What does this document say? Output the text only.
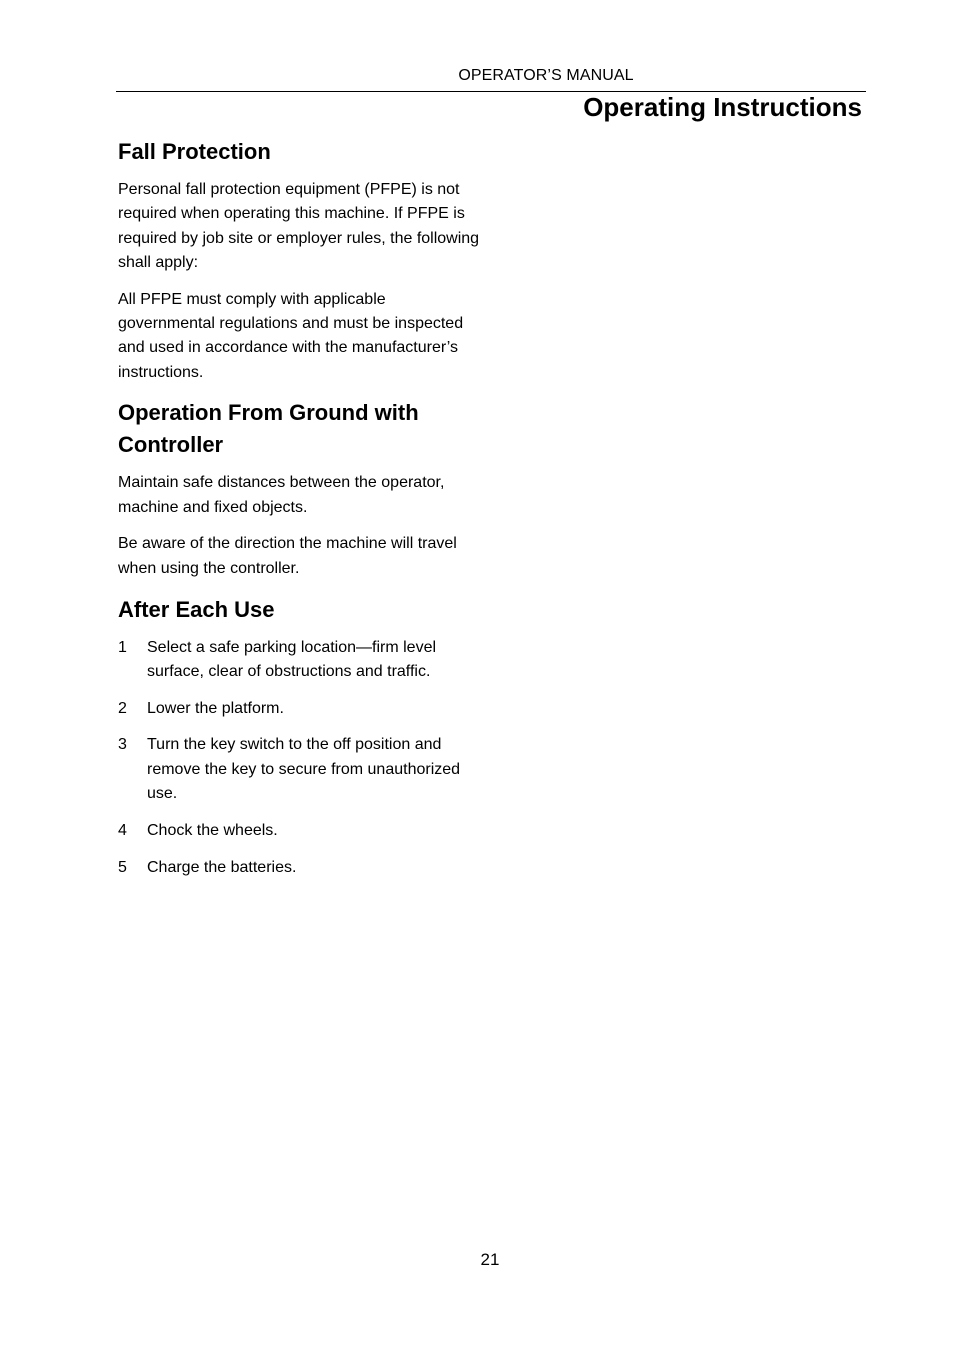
OPERATOR’S MANUAL
Operating Instructions
Fall Protection

Personal fall protection equipment (PFPE) is not required when operating this machine. If PFPE is required by job site or employer rules, the following shall apply:

All PFPE must comply with applicable governmental regulations and must be inspected and used in accordance with the manufacturer’s instructions.

Operation From Ground with Controller

Maintain safe distances between the operator, machine and fixed objects.

Be aware of the direction the machine will travel when using the controller.

After Each Use
1	Select a safe parking location—firm level surface, clear of obstructions and traffic.
2	Lower the platform.
3	Turn the key switch to the off position and remove the key to secure from unauthorized use.
4	Chock the wheels.
5	Charge the batteries.
21
